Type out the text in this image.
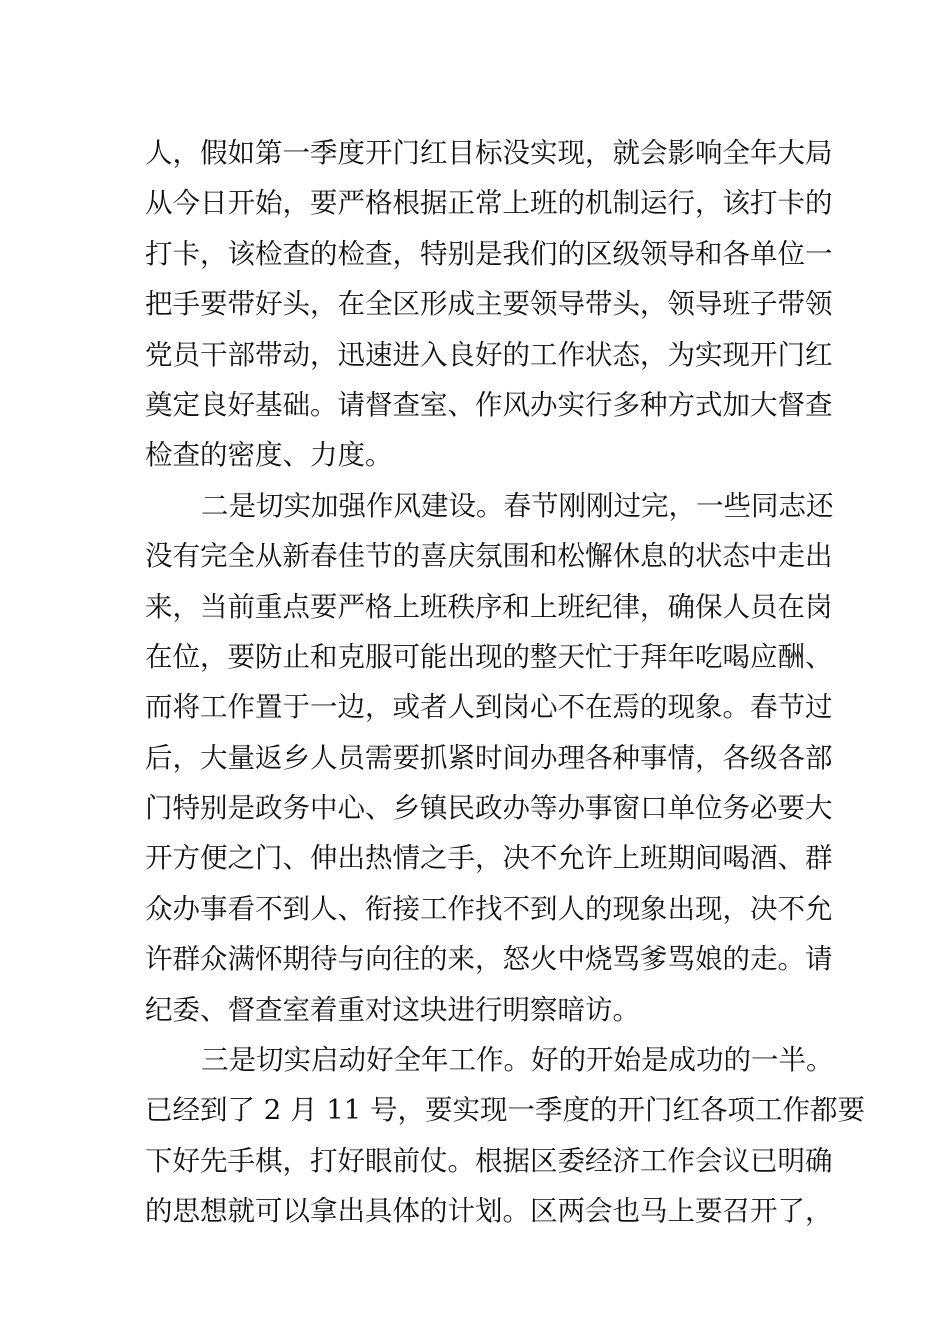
人，假如第一季度开门红目标没实现，就会影响全年大局
从今日开始，要严格根据正常上班的机制运行，该打卡的
打卡，该检查的检查，特别是我们的区级领导和各单位一
把手要带好头，在全区形成主要领导带头，领导班子带领
党员干部带动，迅速进入良好的工作状态，为实现开门红
奠定良好基础。请督查室、作风办实行多种方式加大督查
检查的密度、力度。
二是切实加强作风建设。春节刚刚过完，一些同志还
没有完全从新春佳节的喜庆氛围和松懈休息的状态中走出
来，当前重点要严格上班秩序和上班纪律，确保人员在岗
在位，要防止和克服可能出现的整天忙于拜年吃喝应酬、
而将工作置于一边，或者人到岗心不在焉的现象。春节过
后，大量返乡人员需要抓紧时间办理各种事情，各级各部
门特别是政务中心、乡镇民政办等办事窗口单位务必要大
开方便之门、伸出热情之手，决不允许上班期间喝酒、群
众办事看不到人、衔接工作找不到人的现象出现，决不允
许群众满怀期待与向往的来，怒火中烧骂爹骂娘的走。请
纪委、督查室着重对这块进行明察暗访。
三是切实启动好全年工作。好的开始是成功的一半。
已经到了 2 月 11 号，要实现一季度的开门红各项工作都要
下好先手棋，打好眼前仗。根据区委经济工作会议已明确
的思想就可以拿出具体的计划。区两会也马上要召开了，
